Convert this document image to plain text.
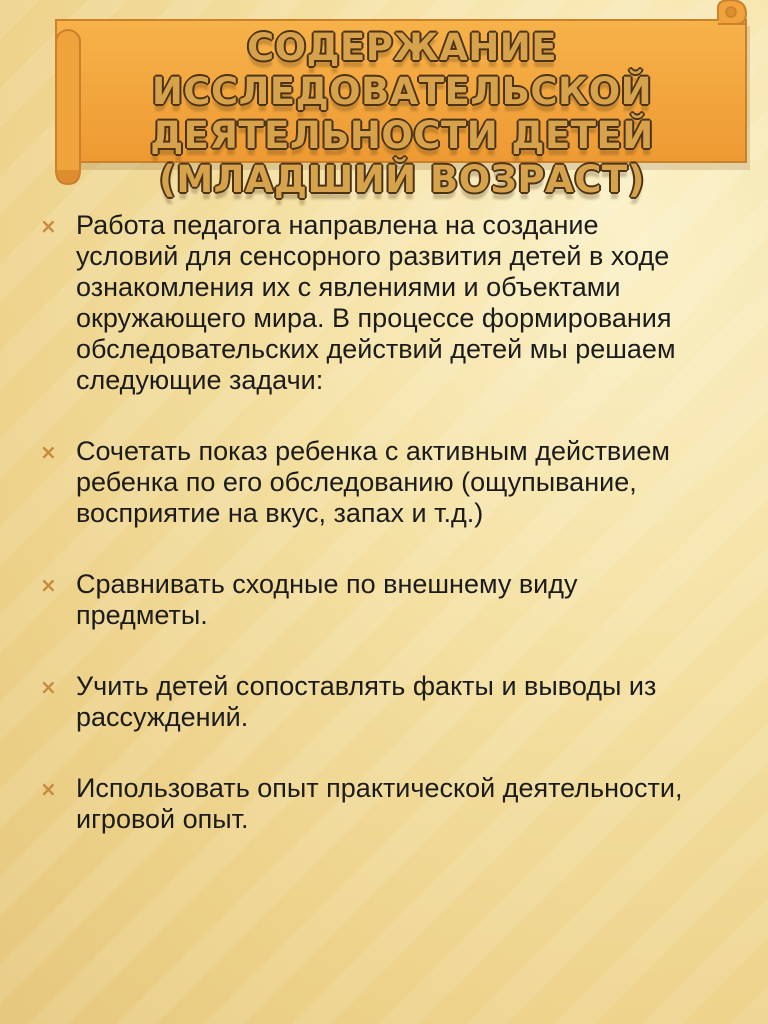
СОДЕРЖАНИЕ ИССЛЕДОВАТЕЛЬСКОЙ ДЕЯТЕЛЬНОСТИ ДЕТЕЙ (МЛАДШИЙ ВОЗРАСТ)
× Работа педагога направлена на создание
условий для сенсорного развития детей в ходе
ознакомления их с явлениями и объектами
окружающего мира. В процессе формирования
обследовательских действий детей мы решаем
следующие задачи:
× Сочетать показ ребенка с активным действием
ребенка по его обследованию (ощупывание,
восприятие на вкус, запах и т.д.)
× Сравнивать сходные по внешнему виду
предметы.
× Учить детей сопоставлять факты и выводы из
рассуждений.
× Использовать опыт практической деятельности,
игровой опыт.
